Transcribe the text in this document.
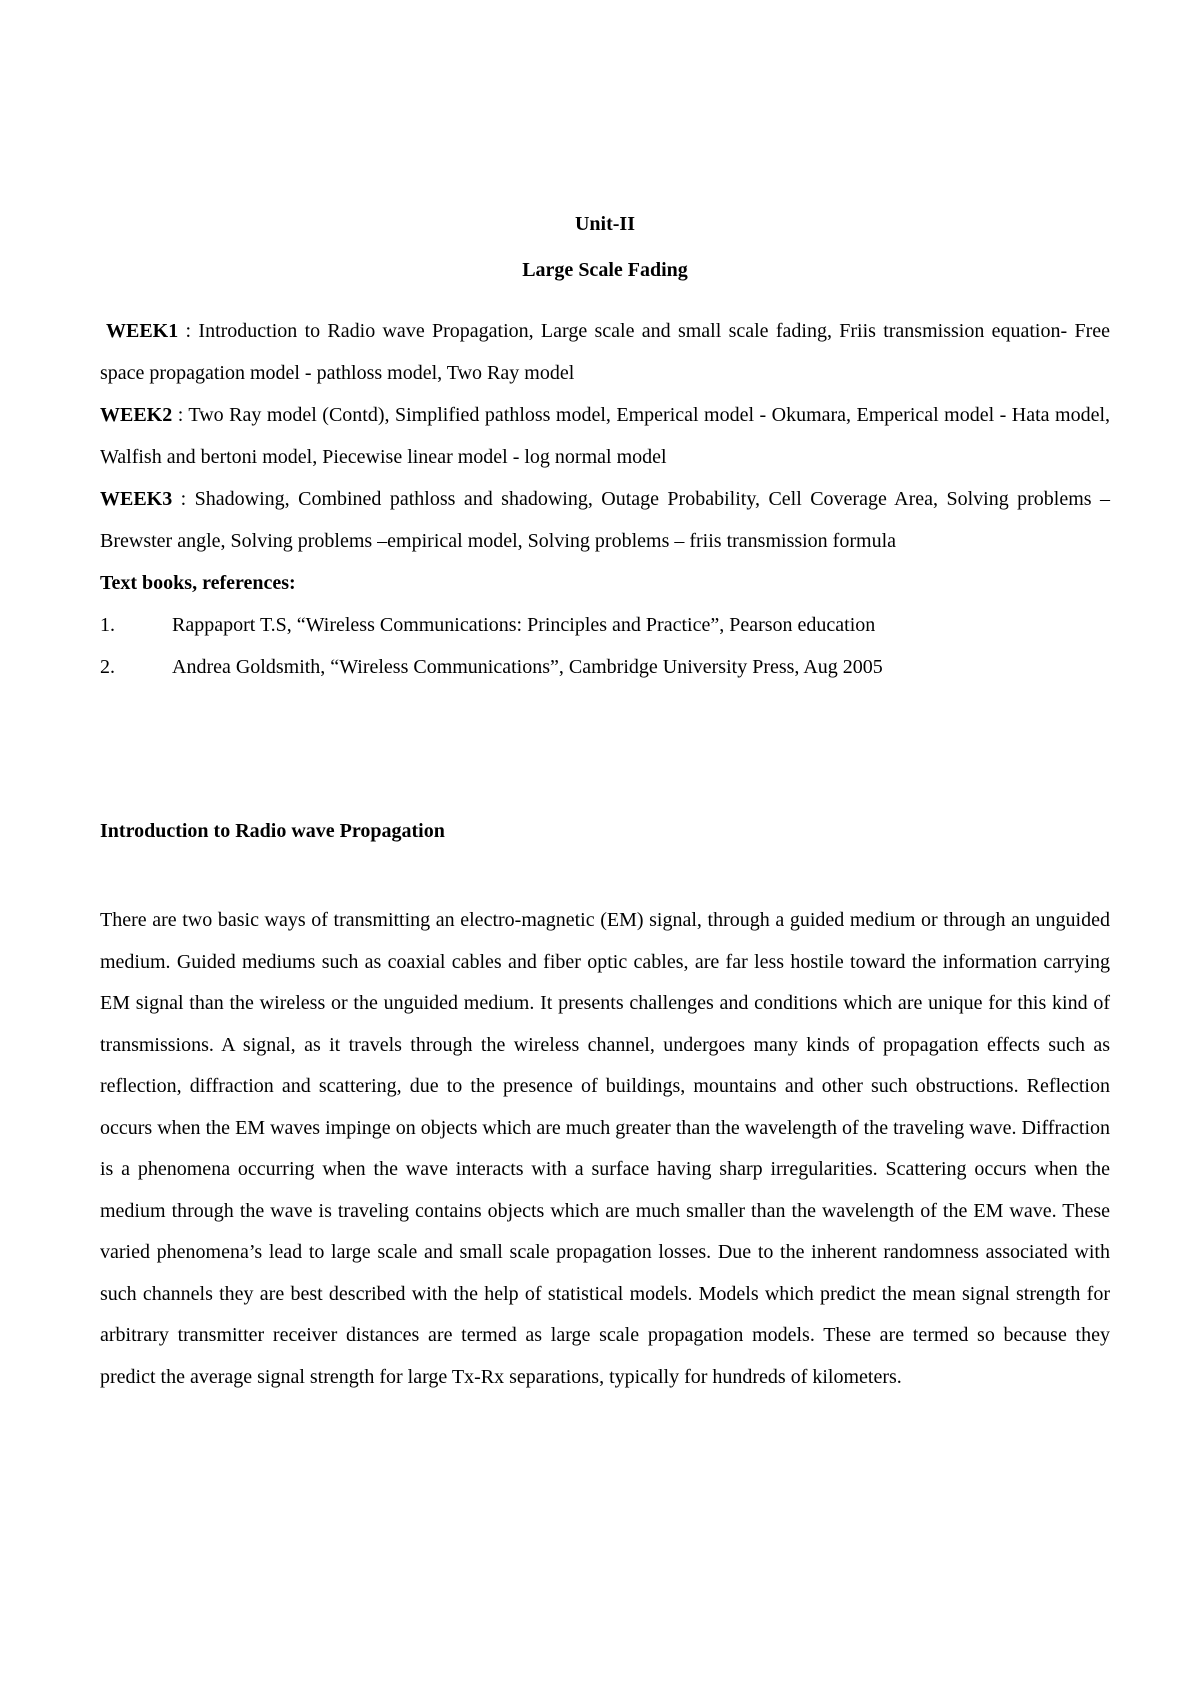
Unit-II
Large Scale Fading

WEEK1 : Introduction to Radio wave Propagation, Large scale and small scale fading, Friis transmission equation- Free space propagation model - pathloss model, Two Ray model

WEEK2 : Two Ray model (Contd), Simplified pathloss model, Emperical model - Okumara, Emperical model - Hata model, Walfish and bertoni model, Piecewise linear model - log normal model

WEEK3 : Shadowing, Combined pathloss and shadowing, Outage Probability, Cell Coverage Area, Solving problems – Brewster angle, Solving problems –empirical model, Solving problems – friis transmission formula

Text books, references:

1.	Rappaport T.S, “Wireless Communications: Principles and Practice”, Pearson education
2.	Andrea Goldsmith, “Wireless Communications”, Cambridge University Press, Aug 2005
Introduction to Radio wave Propagation

There are two basic ways of transmitting an electro-magnetic (EM) signal, through a guided medium or through an unguided medium. Guided mediums such as coaxial cables and fiber optic cables, are far less hostile toward the information carrying EM signal than the wireless or the unguided medium. It presents challenges and conditions which are unique for this kind of transmissions. A signal, as it travels through the wireless channel, undergoes many kinds of propagation effects such as reflection, diffraction and scattering, due to the presence of buildings, mountains and other such obstructions. Reflection occurs when the EM waves impinge on objects which are much greater than the wavelength of the traveling wave. Diffraction is a phenomena occurring when the wave interacts with a surface having sharp irregularities. Scattering occurs when the medium through the wave is traveling contains objects which are much smaller than the wavelength of the EM wave. These varied phenomena’s lead to large scale and small scale propagation losses. Due to the inherent randomness associated with such channels they are best described with the help of statistical models. Models which predict the mean signal strength for arbitrary transmitter receiver distances are termed as large scale propagation models. These are termed so because they predict the average signal strength for large Tx-Rx separations, typically for hundreds of kilometers.
